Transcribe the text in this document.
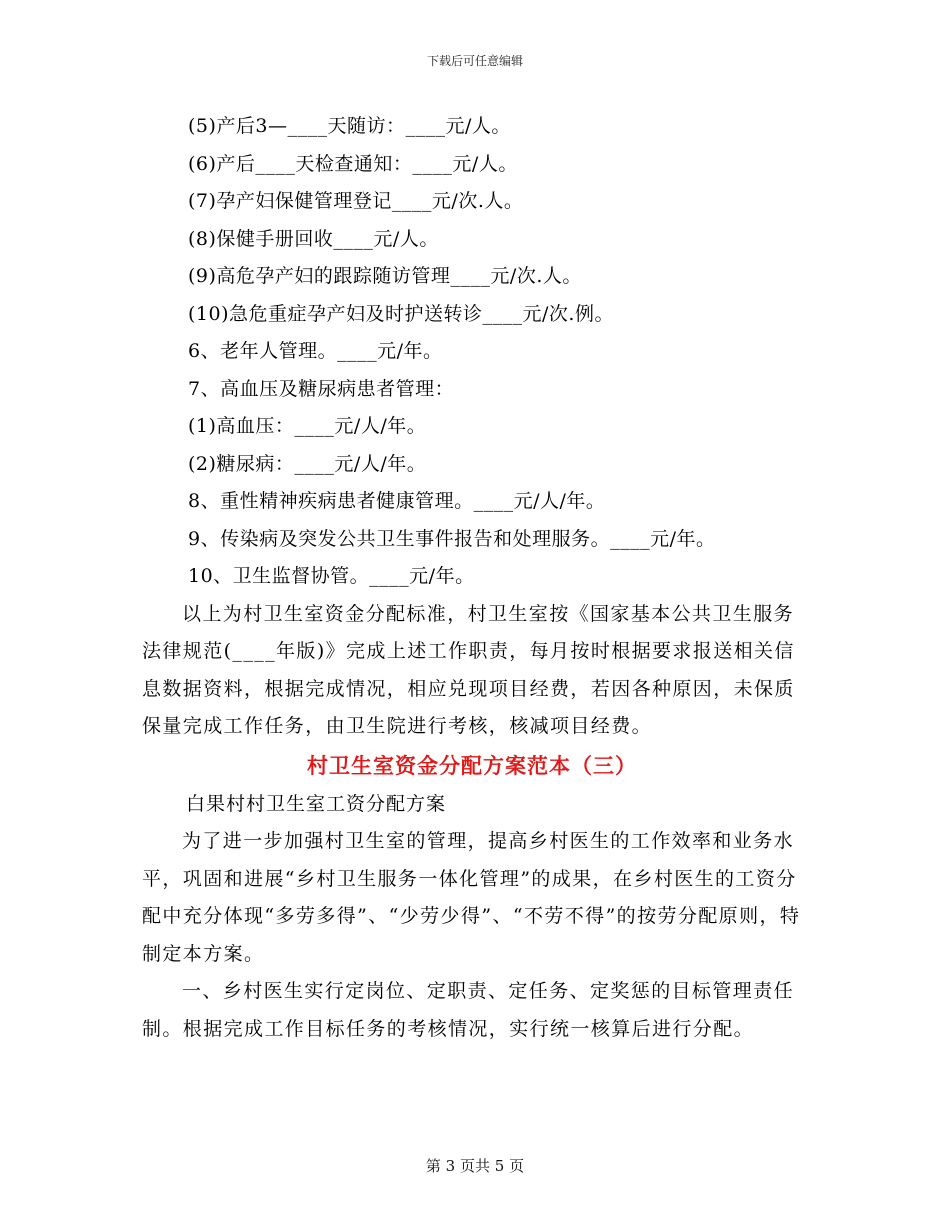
下载后可任意编辑
(5)产后3—____天随访：____元/人。
(6)产后____天检查通知：____元/人。
(7)孕产妇保健管理登记____元/次.人。
(8)保健手册回收____元/人。
(9)高危孕产妇的跟踪随访管理____元/次.人。
(10)急危重症孕产妇及时护送转诊____元/次.例。
6、老年人管理。____元/年。
7、高血压及糖尿病患者管理：
(1)高血压：____元/人/年。
(2)糖尿病：____元/人/年。
8、重性精神疾病患者健康管理。____元/人/年。
9、传染病及突发公共卫生事件报告和处理服务。____元/年。
10、卫生监督协管。____元/年。
以上为村卫生室资金分配标准，村卫生室按《国家基本公共卫生服务法律规范(____年版)》完成上述工作职责，每月按时根据要求报送相关信息数据资料，根据完成情况，相应兑现项目经费，若因各种原因，未保质保量完成工作任务，由卫生院进行考核，核减项目经费。
村卫生室资金分配方案范本（三）
白果村村卫生室工资分配方案
为了进一步加强村卫生室的管理，提高乡村医生的工作效率和业务水平，巩固和进展“乡村卫生服务一体化管理”的成果，在乡村医生的工资分配中充分体现“多劳多得”、“少劳少得”、“不劳不得”的按劳分配原则，特制定本方案。
一、乡村医生实行定岗位、定职责、定任务、定奖惩的目标管理责任制。根据完成工作目标任务的考核情况，实行统一核算后进行分配。
第 3 页共 5 页
